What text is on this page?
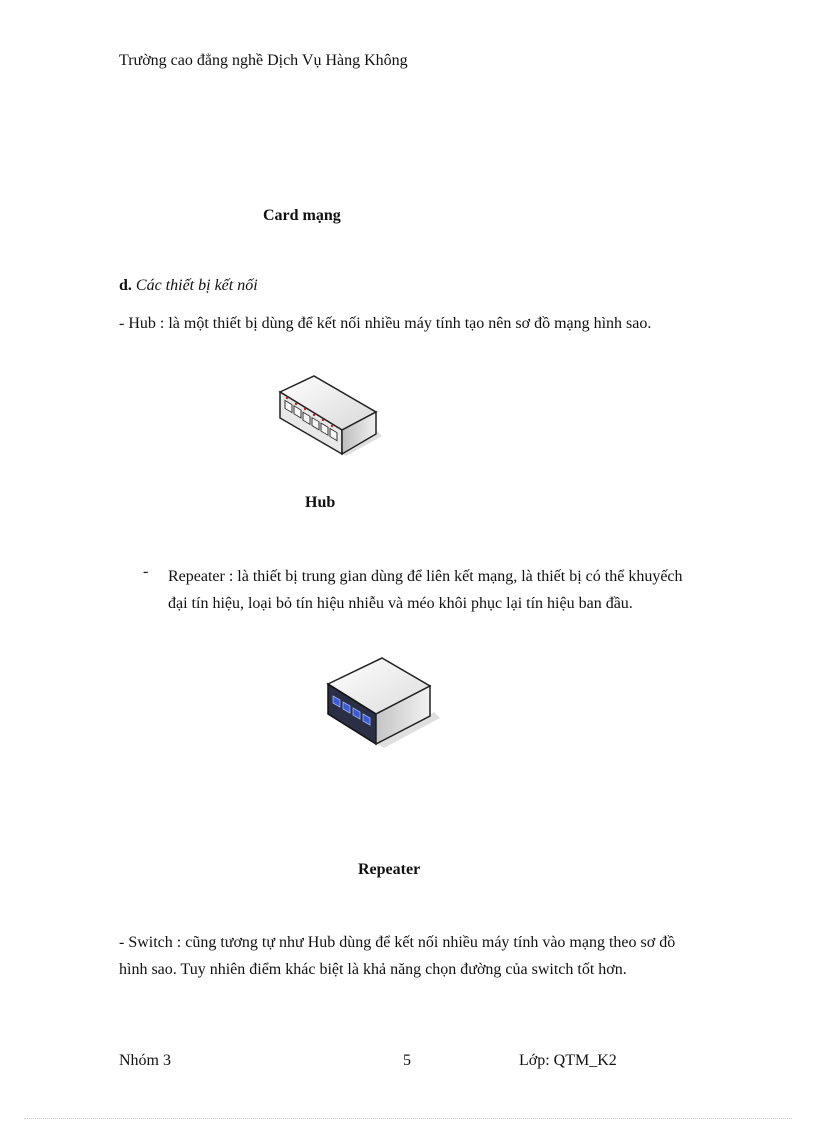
Trường cao đẳng nghề Dịch Vụ Hàng Không
Card mạng
d. Các thiết bị kết nối
- Hub : là một thiết bị dùng để kết nối nhiều máy tính tạo nên sơ đồ mạng hình sao.
Hub
- Repeater : là thiết bị trung gian dùng để liên kết mạng, là thiết bị có thể khuyếch đại tín hiệu, loại bỏ tín hiệu nhiễu và méo khôi phục lại tín hiệu ban đầu.
Repeater
- Switch : cũng tương tự như Hub dùng để kết nối nhiều máy tính vào mạng theo sơ đồ hình sao. Tuy nhiên điểm khác biệt là khả năng chọn đường của switch tốt hơn.
Nhóm 3	5	Lớp: QTM_K2
